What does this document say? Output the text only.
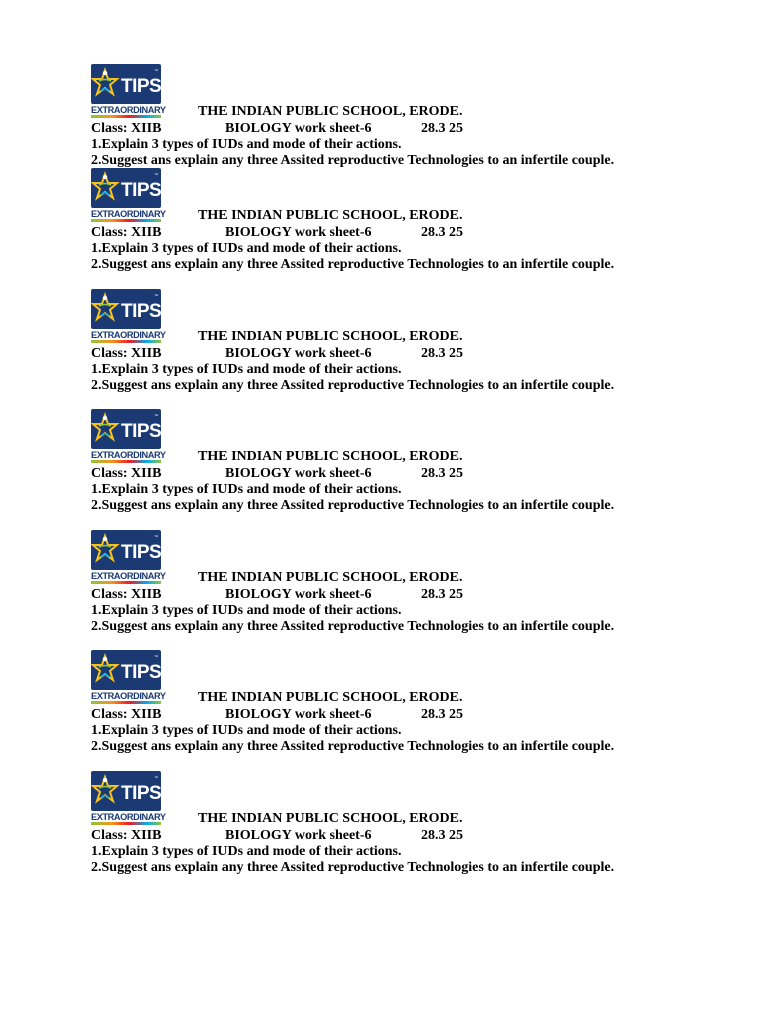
TIPS
™
EXTRAORDINARY THE INDIAN PUBLIC SCHOOL, ERODE.
Class: XIIB	BIOLOGY work sheet-6	28.3 25
1.Explain 3 types of IUDs and mode of their actions.
2.Suggest ans explain any three Assited reproductive Technologies to an infertile couple.
TIPS
™
EXTRAORDINARY THE INDIAN PUBLIC SCHOOL, ERODE.
Class: XIIB	BIOLOGY work sheet-6	28.3 25
1.Explain 3 types of IUDs and mode of their actions.
2.Suggest ans explain any three Assited reproductive Technologies to an infertile couple.
TIPS
™
EXTRAORDINARY THE INDIAN PUBLIC SCHOOL, ERODE.
Class: XIIB	BIOLOGY work sheet-6	28.3 25
1.Explain 3 types of IUDs and mode of their actions.
2.Suggest ans explain any three Assited reproductive Technologies to an infertile couple.
TIPS
™
EXTRAORDINARY THE INDIAN PUBLIC SCHOOL, ERODE.
Class: XIIB	BIOLOGY work sheet-6	28.3 25
1.Explain 3 types of IUDs and mode of their actions.
2.Suggest ans explain any three Assited reproductive Technologies to an infertile couple.
TIPS
™
EXTRAORDINARY THE INDIAN PUBLIC SCHOOL, ERODE.
Class: XIIB	BIOLOGY work sheet-6	28.3 25
1.Explain 3 types of IUDs and mode of their actions.
2.Suggest ans explain any three Assited reproductive Technologies to an infertile couple.
TIPS
™
EXTRAORDINARY THE INDIAN PUBLIC SCHOOL, ERODE.
Class: XIIB	BIOLOGY work sheet-6	28.3 25
1.Explain 3 types of IUDs and mode of their actions.
2.Suggest ans explain any three Assited reproductive Technologies to an infertile couple.
TIPS
™
EXTRAORDINARY THE INDIAN PUBLIC SCHOOL, ERODE.
Class: XIIB	BIOLOGY work sheet-6	28.3 25
1.Explain 3 types of IUDs and mode of their actions.
2.Suggest ans explain any three Assited reproductive Technologies to an infertile couple.
